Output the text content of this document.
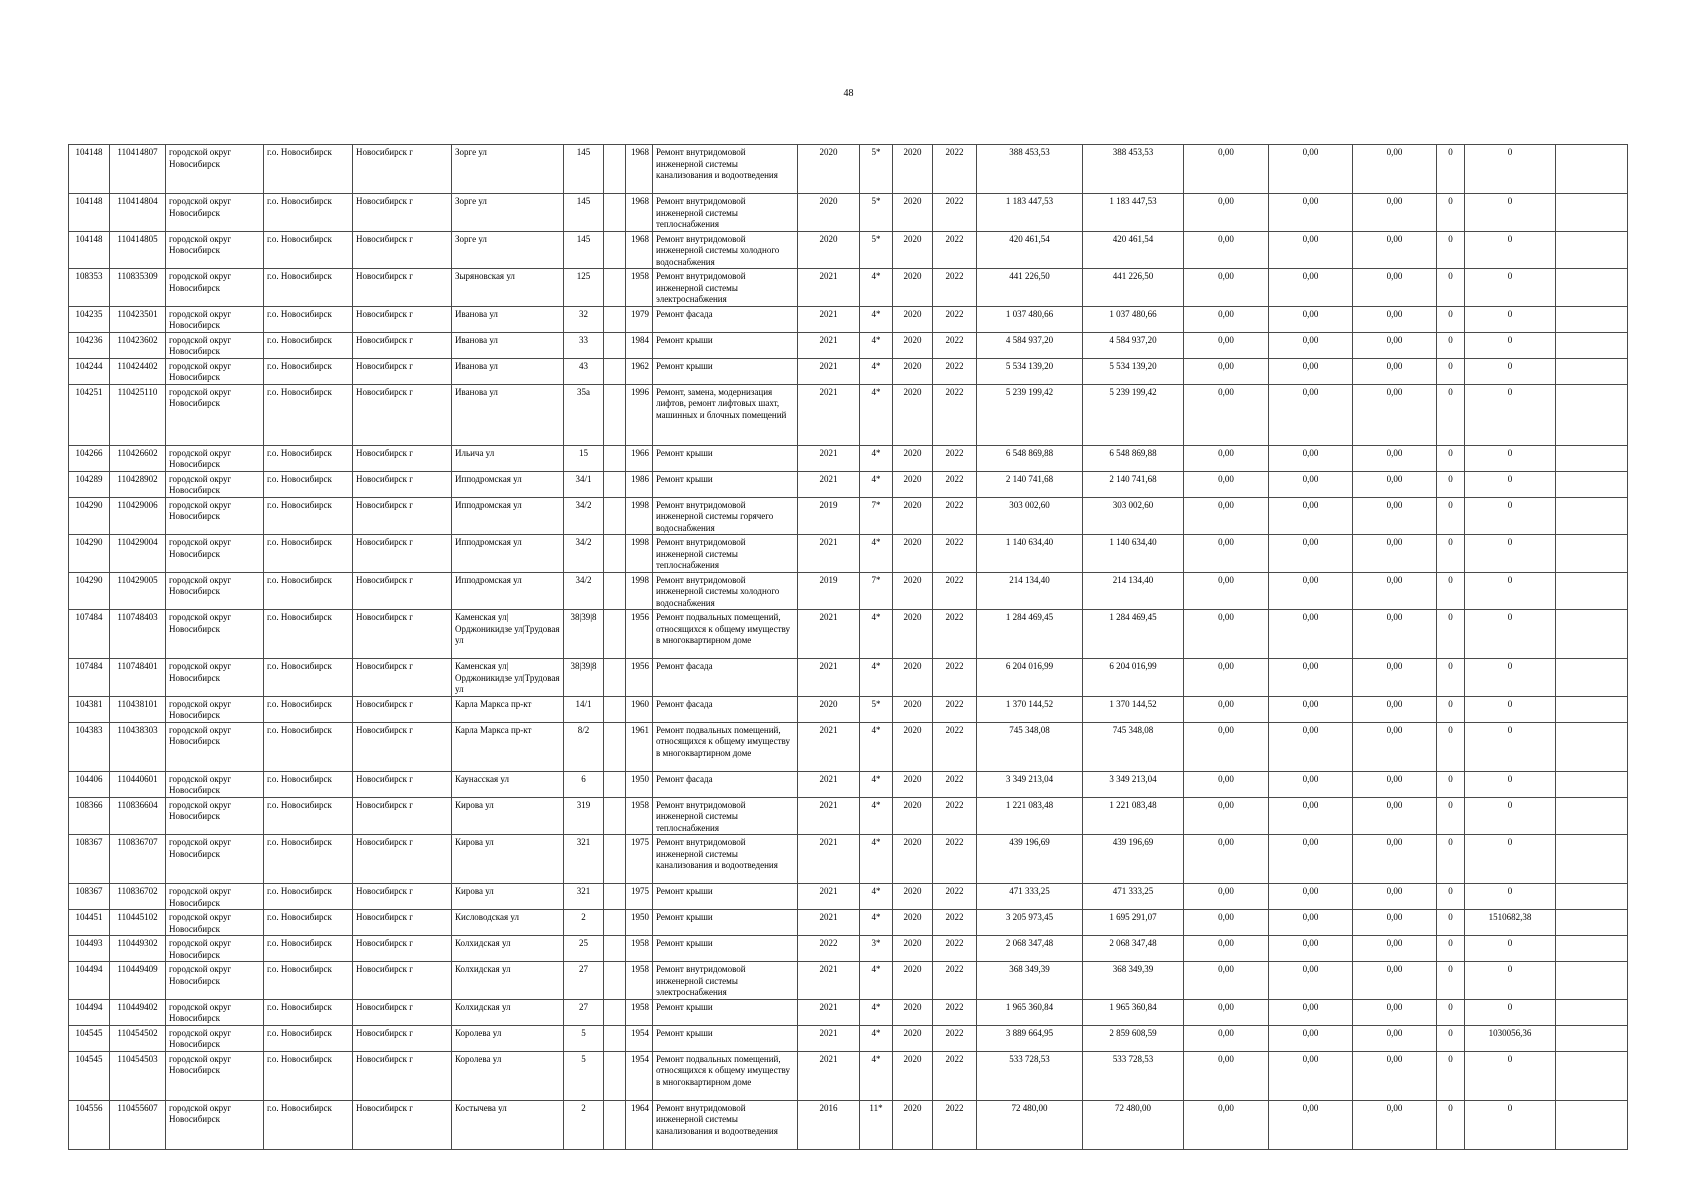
48
104148	110414807	городской округ Новосибирск	г.о. Новосибирск	Новосибирск г	Зорге ул	145		1968	Ремонт внутридомовой инженерной системы канализования и водоотведения	2020	5*	2020	2022	388 453,53	388 453,53	0,00	0,00	0,00	0	0	
104148	110414804	городской округ Новосибирск	г.о. Новосибирск	Новосибирск г	Зорге ул	145		1968	Ремонт внутридомовой инженерной системы теплоснабжения	2020	5*	2020	2022	1 183 447,53	1 183 447,53	0,00	0,00	0,00	0	0	
104148	110414805	городской округ Новосибирск	г.о. Новосибирск	Новосибирск г	Зорге ул	145		1968	Ремонт внутридомовой инженерной системы холодного водоснабжения	2020	5*	2020	2022	420 461,54	420 461,54	0,00	0,00	0,00	0	0	
108353	110835309	городской округ Новосибирск	г.о. Новосибирск	Новосибирск г	Зыряновская ул	125		1958	Ремонт внутридомовой инженерной системы электроснабжения	2021	4*	2020	2022	441 226,50	441 226,50	0,00	0,00	0,00	0	0	
104235	110423501	городской округ Новосибирск	г.о. Новосибирск	Новосибирск г	Иванова ул	32		1979	Ремонт фасада	2021	4*	2020	2022	1 037 480,66	1 037 480,66	0,00	0,00	0,00	0	0	
104236	110423602	городской округ Новосибирск	г.о. Новосибирск	Новосибирск г	Иванова ул	33		1984	Ремонт крыши	2021	4*	2020	2022	4 584 937,20	4 584 937,20	0,00	0,00	0,00	0	0	
104244	110424402	городской округ Новосибирск	г.о. Новосибирск	Новосибирск г	Иванова ул	43		1962	Ремонт крыши	2021	4*	2020	2022	5 534 139,20	5 534 139,20	0,00	0,00	0,00	0	0	
104251	110425110	городской округ Новосибирск	г.о. Новосибирск	Новосибирск г	Иванова ул	35а		1996	Ремонт, замена, модернизация лифтов, ремонт лифтовых шахт, машинных и блочных помещений	2021	4*	2020	2022	5 239 199,42	5 239 199,42	0,00	0,00	0,00	0	0	
104266	110426602	городской округ Новосибирск	г.о. Новосибирск	Новосибирск г	Ильича ул	15		1966	Ремонт крыши	2021	4*	2020	2022	6 548 869,88	6 548 869,88	0,00	0,00	0,00	0	0	
104289	110428902	городской округ Новосибирск	г.о. Новосибирск	Новосибирск г	Ипподромская ул	34/1		1986	Ремонт крыши	2021	4*	2020	2022	2 140 741,68	2 140 741,68	0,00	0,00	0,00	0	0	
104290	110429006	городской округ Новосибирск	г.о. Новосибирск	Новосибирск г	Ипподромская ул	34/2		1998	Ремонт внутридомовой инженерной системы горячего водоснабжения	2019	7*	2020	2022	303 002,60	303 002,60	0,00	0,00	0,00	0	0	
104290	110429004	городской округ Новосибирск	г.о. Новосибирск	Новосибирск г	Ипподромская ул	34/2		1998	Ремонт внутридомовой инженерной системы теплоснабжения	2021	4*	2020	2022	1 140 634,40	1 140 634,40	0,00	0,00	0,00	0	0	
104290	110429005	городской округ Новосибирск	г.о. Новосибирск	Новосибирск г	Ипподромская ул	34/2		1998	Ремонт внутридомовой инженерной системы холодного водоснабжения	2019	7*	2020	2022	214 134,40	214 134,40	0,00	0,00	0,00	0	0	
107484	110748403	городской округ Новосибирск	г.о. Новосибирск	Новосибирск г	Каменская ул|Орджоникидзе ул|Трудовая ул	38|39|8		1956	Ремонт подвальных помещений, относящихся к общему имуществу в многоквартирном доме	2021	4*	2020	2022	1 284 469,45	1 284 469,45	0,00	0,00	0,00	0	0	
107484	110748401	городской округ Новосибирск	г.о. Новосибирск	Новосибирск г	Каменская ул|Орджоникидзе ул|Трудовая ул	38|39|8		1956	Ремонт фасада	2021	4*	2020	2022	6 204 016,99	6 204 016,99	0,00	0,00	0,00	0	0	
104381	110438101	городской округ Новосибирск	г.о. Новосибирск	Новосибирск г	Карла Маркса пр-кт	14/1		1960	Ремонт фасада	2020	5*	2020	2022	1 370 144,52	1 370 144,52	0,00	0,00	0,00	0	0	
104383	110438303	городской округ Новосибирск	г.о. Новосибирск	Новосибирск г	Карла Маркса пр-кт	8/2		1961	Ремонт подвальных помещений, относящихся к общему имуществу в многоквартирном доме	2021	4*	2020	2022	745 348,08	745 348,08	0,00	0,00	0,00	0	0	
104406	110440601	городской округ Новосибирск	г.о. Новосибирск	Новосибирск г	Каунасская ул	6		1950	Ремонт фасада	2021	4*	2020	2022	3 349 213,04	3 349 213,04	0,00	0,00	0,00	0	0	
108366	110836604	городской округ Новосибирск	г.о. Новосибирск	Новосибирск г	Кирова ул	319		1958	Ремонт внутридомовой инженерной системы теплоснабжения	2021	4*	2020	2022	1 221 083,48	1 221 083,48	0,00	0,00	0,00	0	0	
108367	110836707	городской округ Новосибирск	г.о. Новосибирск	Новосибирск г	Кирова ул	321		1975	Ремонт внутридомовой инженерной системы канализования и водоотведения	2021	4*	2020	2022	439 196,69	439 196,69	0,00	0,00	0,00	0	0	
108367	110836702	городской округ Новосибирск	г.о. Новосибирск	Новосибирск г	Кирова ул	321		1975	Ремонт крыши	2021	4*	2020	2022	471 333,25	471 333,25	0,00	0,00	0,00	0	0	
104451	110445102	городской округ Новосибирск	г.о. Новосибирск	Новосибирск г	Кисловодская ул	2		1950	Ремонт крыши	2021	4*	2020	2022	3 205 973,45	1 695 291,07	0,00	0,00	0,00	0	1510682,38	
104493	110449302	городской округ Новосибирск	г.о. Новосибирск	Новосибирск г	Колхидская ул	25		1958	Ремонт крыши	2022	3*	2020	2022	2 068 347,48	2 068 347,48	0,00	0,00	0,00	0	0	
104494	110449409	городской округ Новосибирск	г.о. Новосибирск	Новосибирск г	Колхидская ул	27		1958	Ремонт внутридомовой инженерной системы электроснабжения	2021	4*	2020	2022	368 349,39	368 349,39	0,00	0,00	0,00	0	0	
104494	110449402	городской округ Новосибирск	г.о. Новосибирск	Новосибирск г	Колхидская ул	27		1958	Ремонт крыши	2021	4*	2020	2022	1 965 360,84	1 965 360,84	0,00	0,00	0,00	0	0	
104545	110454502	городской округ Новосибирск	г.о. Новосибирск	Новосибирск г	Королева ул	5		1954	Ремонт крыши	2021	4*	2020	2022	3 889 664,95	2 859 608,59	0,00	0,00	0,00	0	1030056,36	
104545	110454503	городской округ Новосибирск	г.о. Новосибирск	Новосибирск г	Королева ул	5		1954	Ремонт подвальных помещений, относящихся к общему имуществу в многоквартирном доме	2021	4*	2020	2022	533 728,53	533 728,53	0,00	0,00	0,00	0	0	
104556	110455607	городской округ Новосибирск	г.о. Новосибирск	Новосибирск г	Костычева ул	2		1964	Ремонт внутридомовой инженерной системы канализования и водоотведения	2016	11*	2020	2022	72 480,00	72 480,00	0,00	0,00	0,00	0	0	
